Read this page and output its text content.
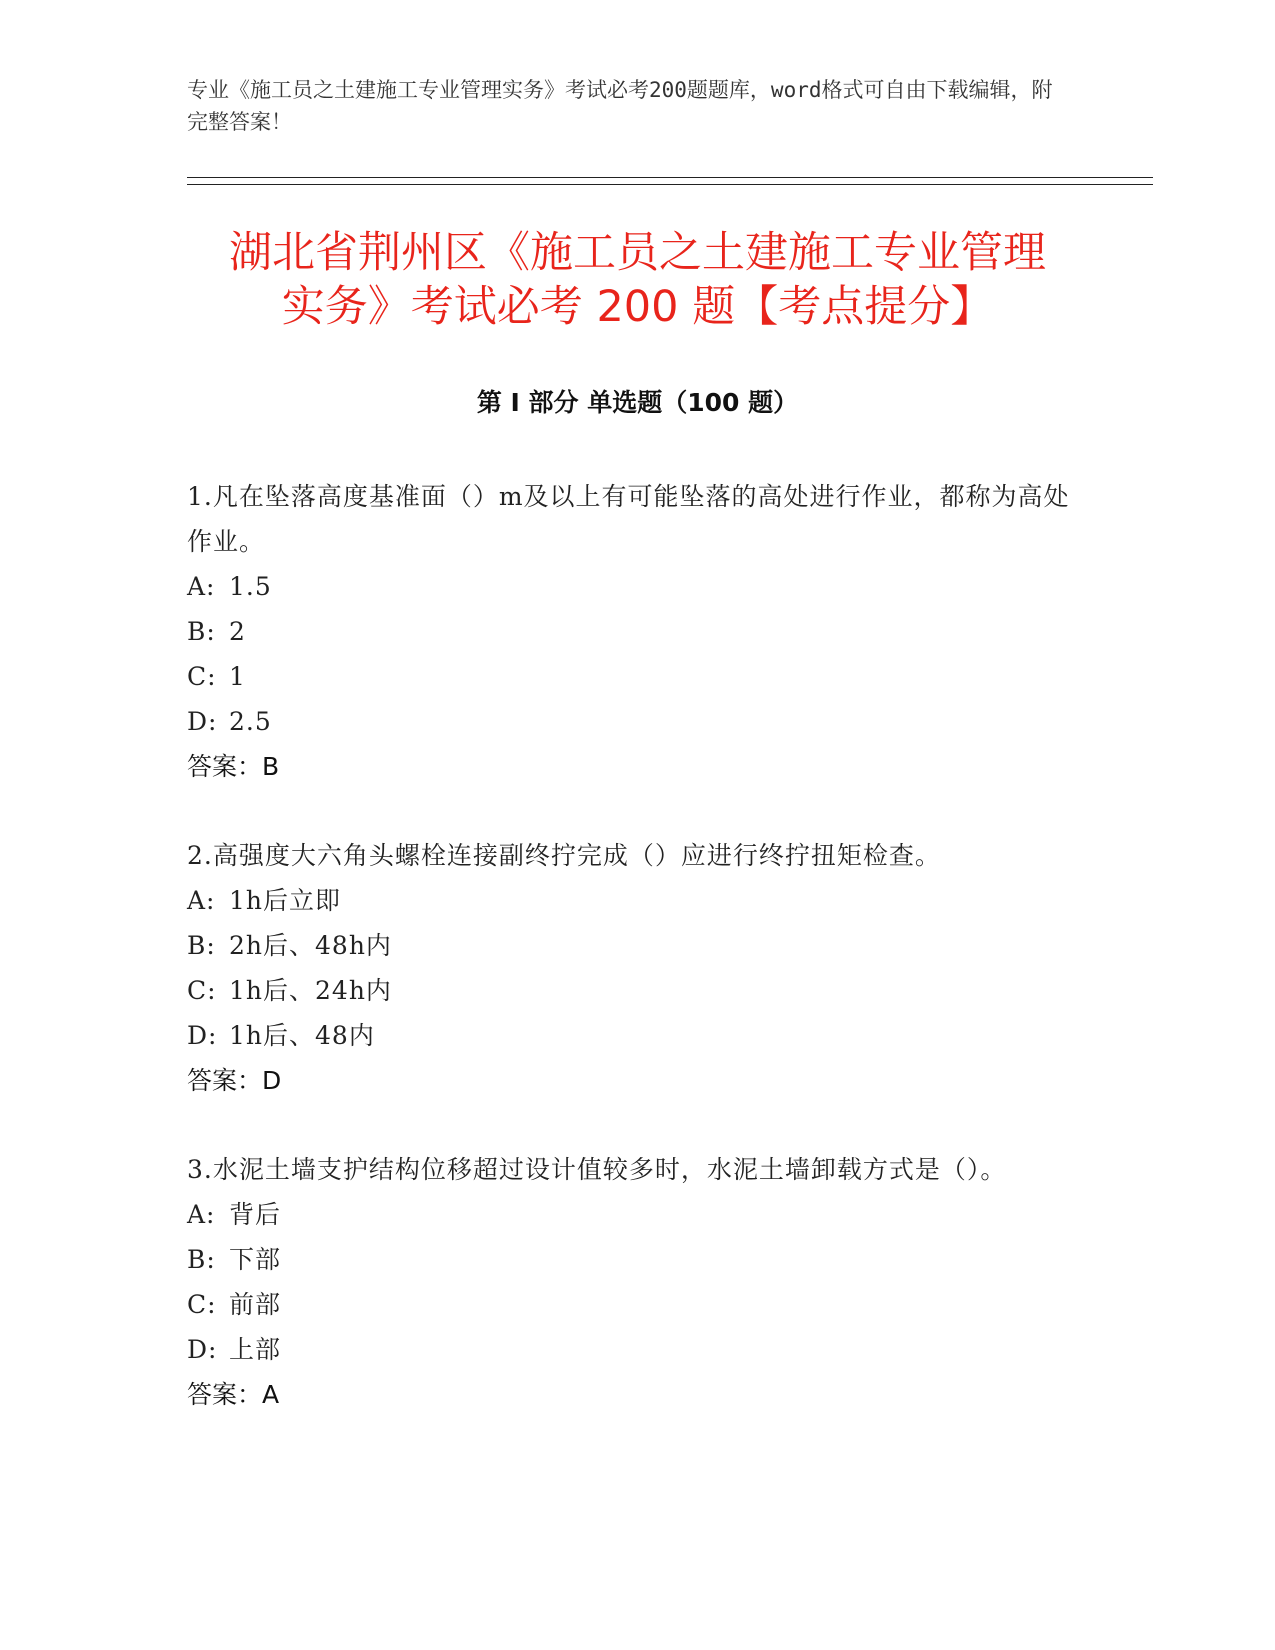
专业《施工员之土建施工专业管理实务》考试必考200题题库，word格式可自由下载编辑，附完整答案！
湖北省荆州区《施工员之土建施工专业管理
实务》考试必考 200 题【考点提分】
第 I 部分 单选题（100 题）
1.凡在坠落高度基准面（）m及以上有可能坠落的高处进行作业，都称为高处作业。
A: 1.5
B: 2
C: 1
D: 2.5
答案：B
2.高强度大六角头螺栓连接副终拧完成（）应进行终拧扭矩检查。
A: 1h后立即
B: 2h后、48h内
C: 1h后、24h内
D: 1h后、48内
答案：D
3.水泥土墙支护结构位移超过设计值较多时，水泥土墙卸载方式是（）。
A: 背后
B: 下部
C: 前部
D: 上部
答案：A
